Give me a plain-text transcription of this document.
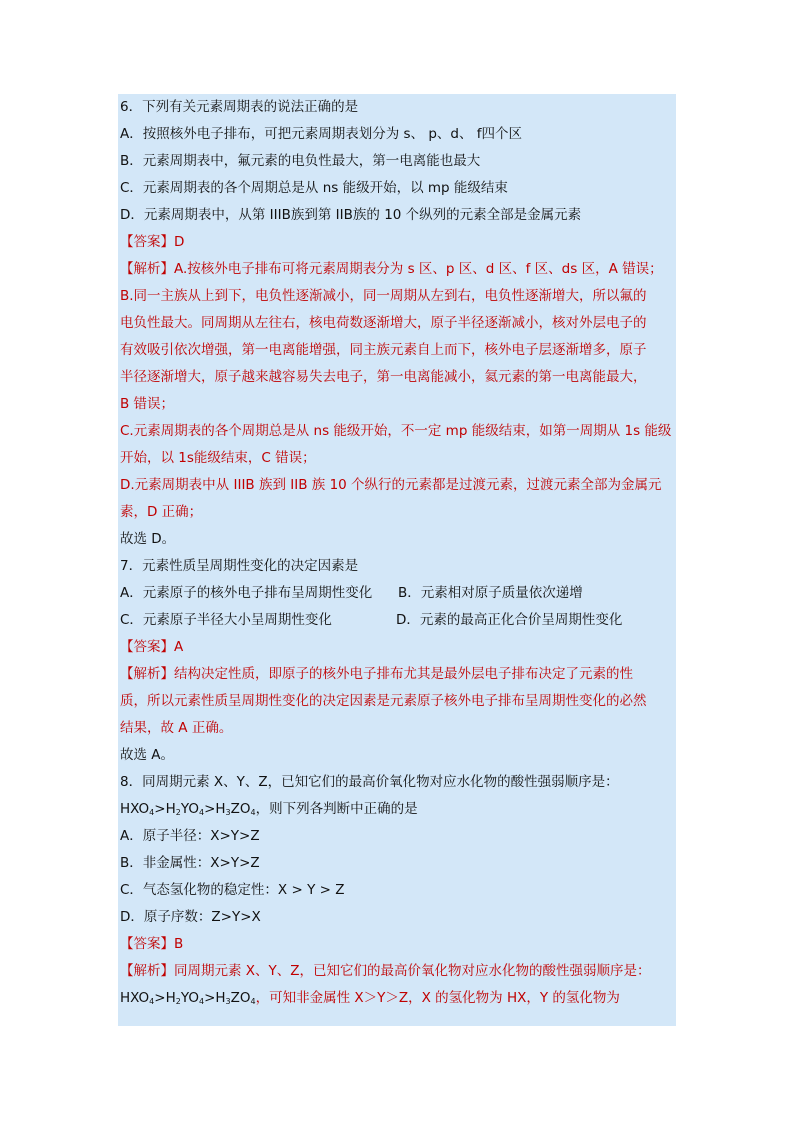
6．下列有关元素周期表的说法正确的是
A．按照核外电子排布，可把元素周期表划分为 s、 p、d、 f四个区
B．元素周期表中，氟元素的电负性最大，第一电离能也最大
C．元素周期表的各个周期总是从 ns 能级开始，以 mp 能级结束
D．元素周期表中，从第 IIIB族到第 IIB族的 10 个纵列的元素全部是金属元素
【答案】D
【解析】A.按核外电子排布可将元素周期表分为 s 区、p 区、d 区、f 区、ds 区，A 错误；
B.同一主族从上到下，电负性逐渐减小，同一周期从左到右，电负性逐渐增大，所以氟的
电负性最大。同周期从左往右，核电荷数逐渐增大，原子半径逐渐减小，核对外层电子的
有效吸引依次增强，第一电离能增强，同主族元素自上而下，核外电子层逐渐增多，原子
半径逐渐增大，原子越来越容易失去电子，第一电离能减小，氦元素的第一电离能最大，
B 错误；
C.元素周期表的各个周期总是从 ns 能级开始，不一定 mp 能级结束，如第一周期从 1s 能级
开始，以 1s能级结束，C 错误；
D.元素周期表中从 IIIB 族到 IIB 族 10 个纵行的元素都是过渡元素，过渡元素全部为金属元
素，D 正确；
故选 D。
7．元素性质呈周期性变化的决定因素是
A．元素原子的核外电子排布呈周期性变化 B．元素相对原子质量依次递增
C．元素原子半径大小呈周期性变化	D．元素的最高正化合价呈周期性变化
【答案】A
【解析】结构决定性质，即原子的核外电子排布尤其是最外层电子排布决定了元素的性
质，所以元素性质呈周期性变化的决定因素是元素原子核外电子排布呈周期性变化的必然
结果，故 A 正确。
故选 A。
8．同周期元素 X、Y、Z，已知它们的最高价氧化物对应水化物的酸性强弱顺序是：
$HXO_4>H_2YO_4>H_3ZO_4$，则下列各判断中正确的是
A．原子半径：X>Y>Z
B．非金属性：X>Y>Z
C．气态氢化物的稳定性：X > Y > Z
D．原子序数：Z>Y>X
【答案】B
【解析】同周期元素 X、Y、Z，已知它们的最高价氧化物对应水化物的酸性强弱顺序是：
$HXO_4>H_2YO_4>H_3ZO_4$，可知非金属性 X＞Y＞Z，X 的氢化物为 HX，Y 的氢化物为
